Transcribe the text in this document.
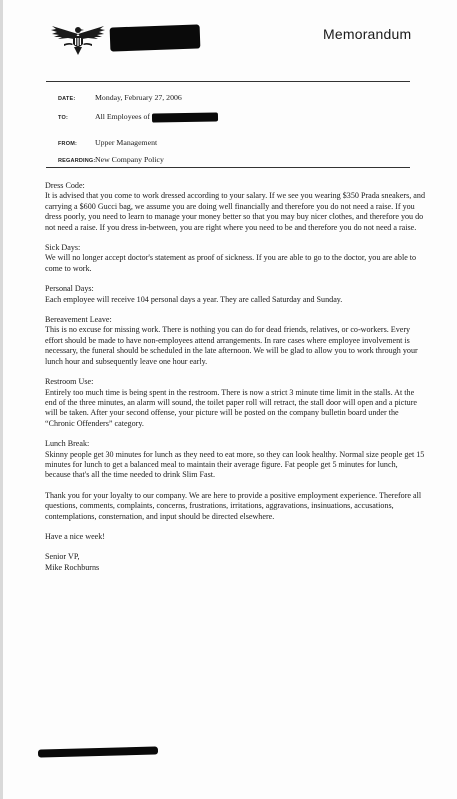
Memorandum
DATE:	Monday, February 27, 2006
TO:	All Employees of
FROM: Upper Management
REGARDING: New Company Policy
Dress Code:
It is advised that you come to work dressed according to your salary. If we see you wearing $350 Prada sneakers, and carrying a $600 Gucci bag, we assume you are doing well financially and therefore you do not need a raise. If you dress poorly, you need to learn to manage your money better so that you may buy nicer clothes, and therefore you do not need a raise. If you dress in-between, you are right where you need to be and therefore you do not need a raise.
Sick Days:
We will no longer accept doctor's statement as proof of sickness. If you are able to go to the doctor, you are able to come to work.
Personal Days:
Each employee will receive 104 personal days a year. They are called Saturday and Sunday.
Bereavement Leave:
This is no excuse for missing work. There is nothing you can do for dead friends, relatives, or co-workers. Every effort should be made to have non-employees attend arrangements. In rare cases where employee involvement is necessary, the funeral should be scheduled in the late afternoon. We will be glad to allow you to work through your lunch hour and subsequently leave one hour early.
Restroom Use:
Entirely too much time is being spent in the restroom. There is now a strict 3 minute time limit in the stalls. At the end of the three minutes, an alarm will sound, the toilet paper roll will retract, the stall door will open and a picture will be taken. After your second offense, your picture will be posted on the company bulletin board under the “Chronic Offenders” category.
Lunch Break:
Skinny people get 30 minutes for lunch as they need to eat more, so they can look healthy. Normal size people get 15 minutes for lunch to get a balanced meal to maintain their average figure. Fat people get 5 minutes for lunch, because that's all the time needed to drink Slim Fast.
Thank you for your loyalty to our company. We are here to provide a positive employment experience. Therefore all questions, comments, complaints, concerns, frustrations, irritations, aggravations, insinuations, accusations, contemplations, consternation, and input should be directed elsewhere.
Have a nice week!
Senior VP,
Mike Rochburns
